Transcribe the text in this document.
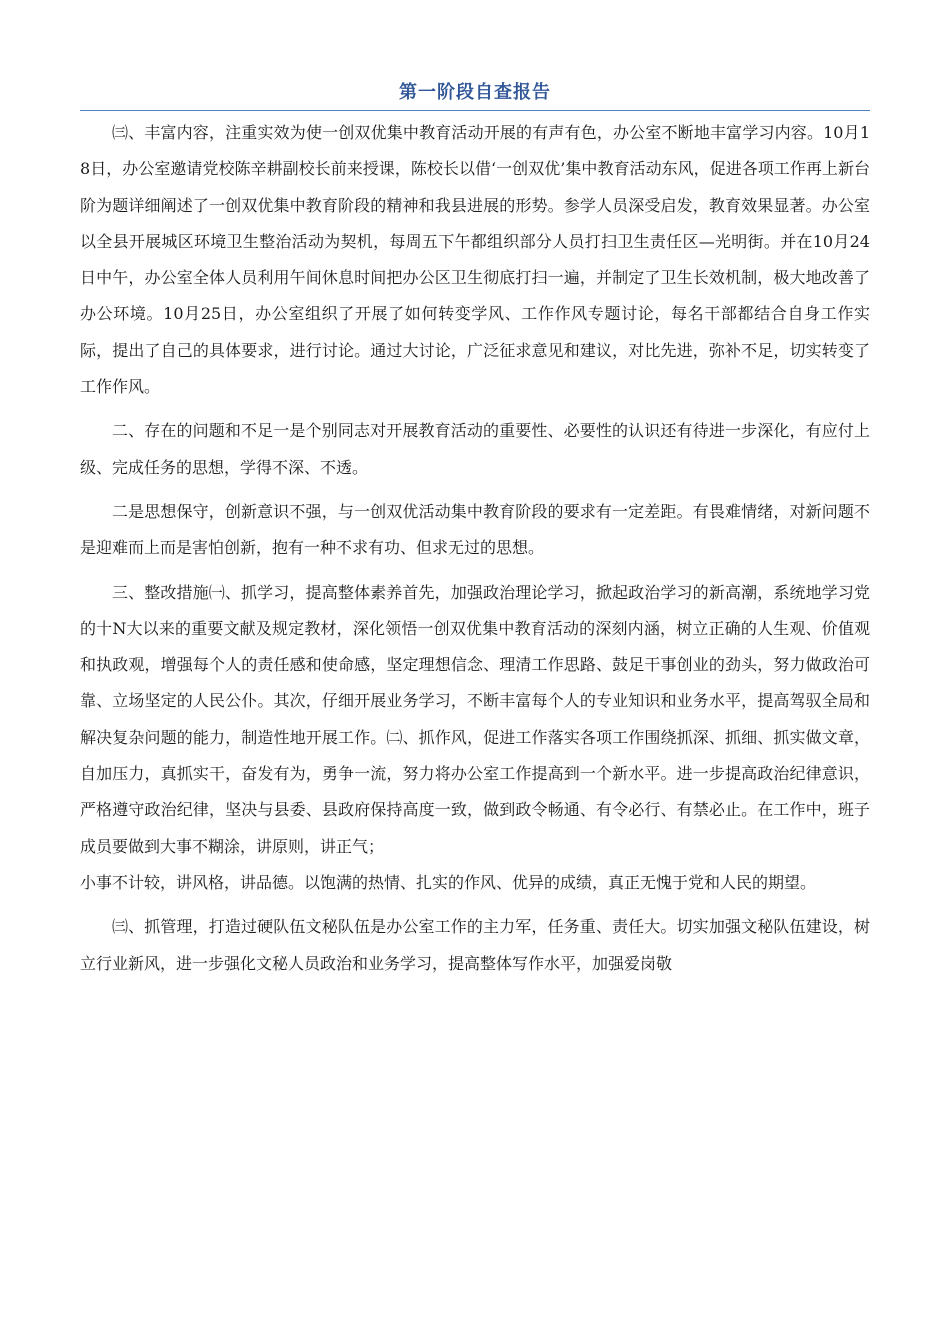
第一阶段自查报告

㈢、丰富内容，注重实效为使一创双优集中教育活动开展的有声有色，办公室不断地丰富学习内容。10月18日，办公室邀请党校陈辛耕副校长前来授课，陈校长以借‘一创双优’集中教育活动东风，促进各项工作再上新台阶为题详细阐述了一创双优集中教育阶段的精神和我县进展的形势。参学人员深受启发，教育效果显著。办公室以全县开展城区环境卫生整治活动为契机，每周五下午都组织部分人员打扫卫生责任区—光明街。并在10月24日中午，办公室全体人员利用午间休息时间把办公区卫生彻底打扫一遍，并制定了卫生长效机制，极大地改善了办公环境。10月25日，办公室组织了开展了如何转变学风、工作作风专题讨论，每名干部都结合自身工作实际，提出了自己的具体要求，进行讨论。通过大讨论，广泛征求意见和建议，对比先进，弥补不足，切实转变了工作作风。

二、存在的问题和不足一是个别同志对开展教育活动的重要性、必要性的认识还有待进一步深化，有应付上级、完成任务的思想，学得不深、不透。

二是思想保守，创新意识不强，与一创双优活动集中教育阶段的要求有一定差距。有畏难情绪，对新问题不是迎难而上而是害怕创新，抱有一种不求有功、但求无过的思想。

三、整改措施㈠、抓学习，提高整体素养首先，加强政治理论学习，掀起政治学习的新高潮，系统地学习党的十N大以来的重要文献及规定教材，深化领悟一创双优集中教育活动的深刻内涵，树立正确的人生观、价值观和执政观，增强每个人的责任感和使命感，坚定理想信念、理清工作思路、鼓足干事创业的劲头，努力做政治可靠、立场坚定的人民公仆。其次，仔细开展业务学习，不断丰富每个人的专业知识和业务水平，提高驾驭全局和解决复杂问题的能力，制造性地开展工作。㈡、抓作风，促进工作落实各项工作围绕抓深、抓细、抓实做文章，自加压力，真抓实干，奋发有为，勇争一流，努力将办公室工作提高到一个新水平。进一步提高政治纪律意识，严格遵守政治纪律，坚决与县委、县政府保持高度一致，做到政令畅通、有令必行、有禁必止。在工作中，班子成员要做到大事不糊涂，讲原则，讲正气；

小事不计较，讲风格，讲品德。以饱满的热情、扎实的作风、优异的成绩，真正无愧于党和人民的期望。

㈢、抓管理，打造过硬队伍文秘队伍是办公室工作的主力军，任务重、责任大。切实加强文秘队伍建设，树立行业新风，进一步强化文秘人员政治和业务学习，提高整体写作水平，加强爱岗敬
